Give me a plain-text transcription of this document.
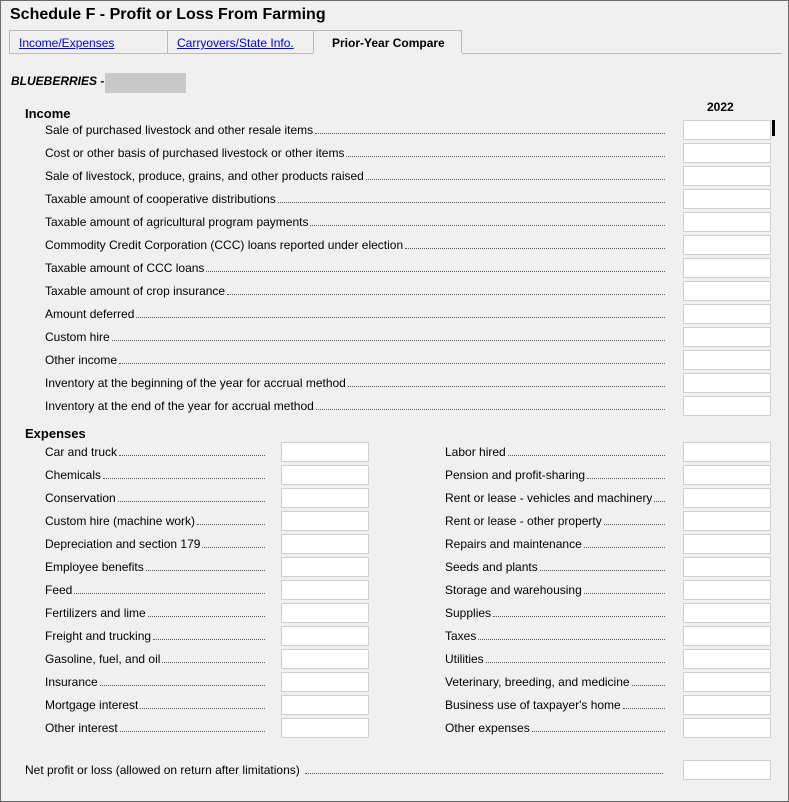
Schedule F - Profit or Loss From Farming
Income/Expenses	Carryovers/State Info.	Prior-Year Compare
BLUEBERRIES -
2022
Income
Sale of purchased livestock and other resale items
Cost or other basis of purchased livestock or other items
Sale of livestock, produce, grains, and other products raised
Taxable amount of cooperative distributions
Taxable amount of agricultural program payments
Commodity Credit Corporation (CCC) loans reported under election
Taxable amount of CCC loans
Taxable amount of crop insurance
Amount deferred
Custom hire
Other income
Inventory at the beginning of the year for accrual method
Inventory at the end of the year for accrual method
Expenses
Car and truck
Chemicals
Conservation
Custom hire (machine work)
Depreciation and section 179
Employee benefits
Feed
Fertilizers and lime
Freight and trucking
Gasoline, fuel, and oil
Insurance
Mortgage interest
Other interest
Labor hired
Pension and profit-sharing
Rent or lease - vehicles and machinery
Rent or lease - other property
Repairs and maintenance
Seeds and plants
Storage and warehousing
Supplies
Taxes
Utilities
Veterinary, breeding, and medicine
Business use of taxpayer's home
Other expenses
Net profit or loss (allowed on return after limitations)
